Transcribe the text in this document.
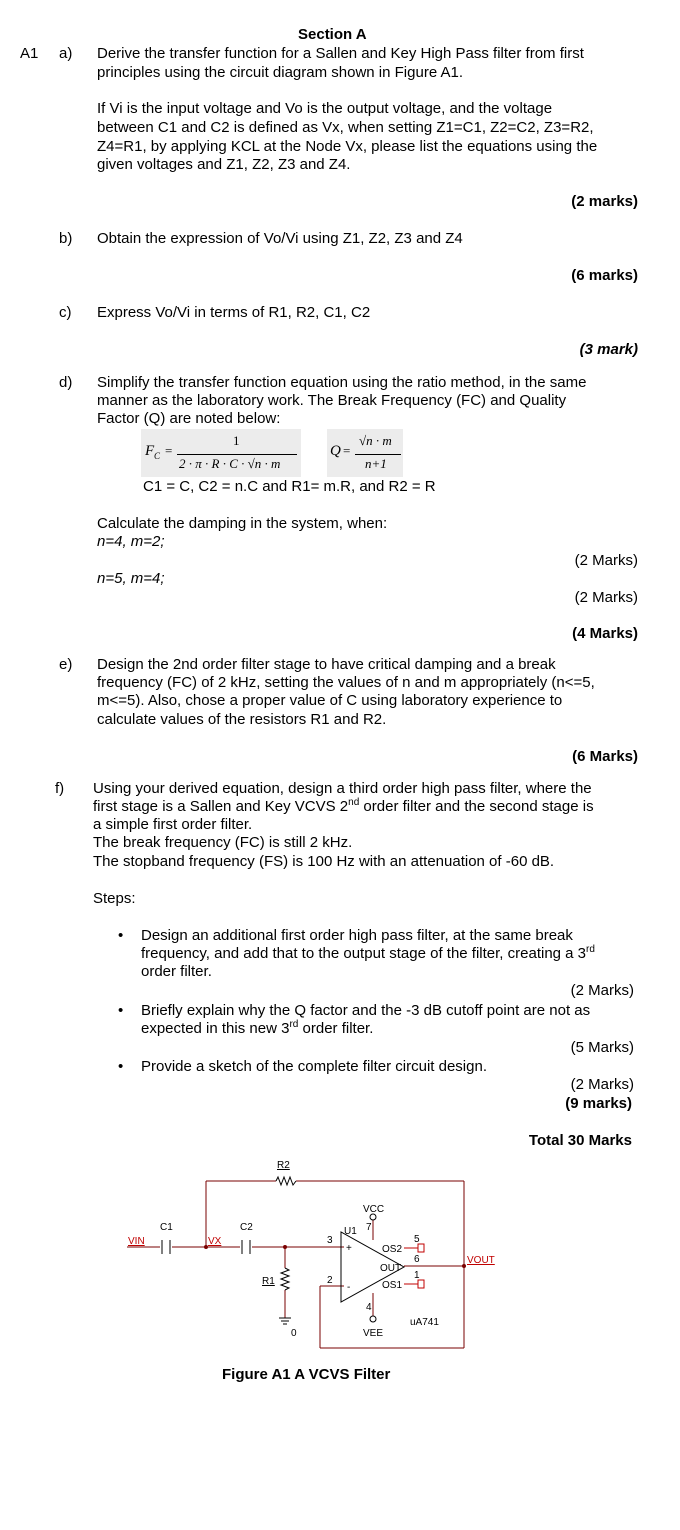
Section A
A1 a) Derive the transfer function for a Sallen and Key High Pass filter from first
principles using the circuit diagram shown in Figure A1.
If Vi is the input voltage and Vo is the output voltage, and the voltage
between C1 and C2 is defined as Vx, when setting Z1=C1, Z2=C2, Z3=R2,
Z4=R1, by applying KCL at the Node Vx, please list the equations using the
given voltages and Z1, Z2, Z3 and Z4.
(2 marks)
b) Obtain the expression of Vo/Vi using Z1, Z2, Z3 and Z4
(6 marks)
c) Express Vo/Vi in terms of R1, R2, C1, C2
(3 mark)
d) Simplify the transfer function equation using the ratio method, in the same
manner as the laboratory work. The Break Frequency (FC) and Quality
Factor (Q) are noted below:
F C =
1
2 · π · R · C · √n · m
Q =
√n · m
n+1
C1 = C, C2 = n.C and R1= m.R, and R2 = R
Calculate the damping in the system, when:
n=4, m=2;
(2 Marks)
n=5, m=4;
(2 Marks)
(4 Marks)
e) Design the 2nd order filter stage to have critical damping and a break
frequency (FC) of 2 kHz, setting the values of n and m appropriately (n<=5,
m<=5). Also, chose a proper value of C using laboratory experience to
calculate values of the resistors R1 and R2.
(6 Marks)
f) Using your derived equation, design a third order high pass filter, where the
first stage is a Sallen and Key VCVS 2nd order filter and the second stage is
a simple first order filter.
The break frequency (FC) is still 2 kHz.
The stopband frequency (FS) is 100 Hz with an attenuation of -60 dB.
Steps:
• Design an additional first order high pass filter, at the same break
frequency, and add that to the output stage of the filter, creating a 3rd
order filter.
(2 Marks)
• Briefly explain why the Q factor and the -3 dB cutoff point are not as
expected in this new 3rd order filter.
(5 Marks)
• Provide a sketch of the complete filter circuit design.
(2 Marks)
(9 marks)
Total 30 Marks
R2
VCC
U1
C1	C2
VIN	VX	3
2
7
4
5
6
1
+
-
OS2
OUT
OS1
VOUT
R1
0	VEE
uA741
Figure A1 A VCVS Filter
